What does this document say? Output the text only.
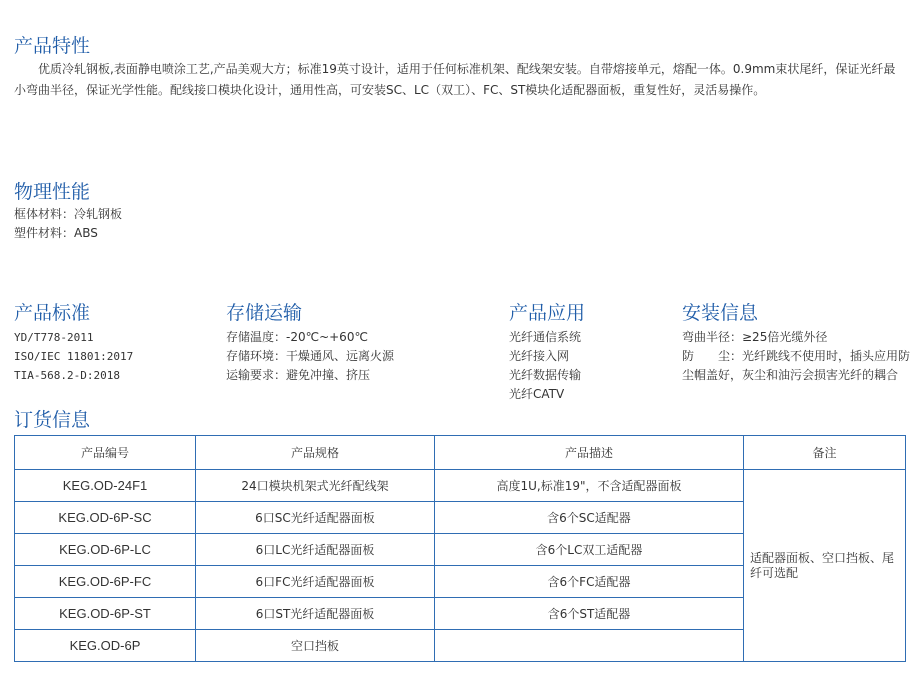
产品特性

优质冷轧钢板,表面静电喷涂工艺,产品美观大方；标准19英寸设计，适用于任何标准机架、配线架安装。自带熔接单元，熔配一体。0.9mm束状尾纤，保证光纤最小弯曲半径，保证光学性能。配线接口模块化设计，通用性高，可安装SC、LC（双工）、FC、ST模块化适配器面板，重复性好，灵活易操作。

物理性能
框体材料：冷轧钢板
塑件材料：ABS
产品标准
YD/T778-2011
ISO/IEC 11801:2017
TIA-568.2-D:2018
存储运输
存储温度：-20℃~+60℃
存储环境：干燥通风、远离火源
运输要求：避免冲撞、挤压
产品应用
光纤通信系统
光纤接入网
光纤数据传输
光纤CATV
安装信息

弯曲半径：≥25倍光缆外径

防　　尘：光纤跳线不使用时，插头应用防尘帽盖好，灰尘和油污会损害光纤的耦合

订货信息
产品编号	产品规格	产品描述	备注
KEG.OD-24F1	24口模块机架式光纤配线架	高度1U,标准19"，不含适配器面板	适配器面板、空口挡板、尾纤可选配
KEG.OD-6P-SC	6口SC光纤适配器面板	含6个SC适配器	
KEG.OD-6P-LC	6口LC光纤适配器面板	含6个LC双工适配器	
KEG.OD-6P-FC	6口FC光纤适配器面板	含6个FC适配器	
KEG.OD-6P-ST	6口ST光纤适配器面板	含6个ST适配器	
KEG.OD-6P	空口挡板		
